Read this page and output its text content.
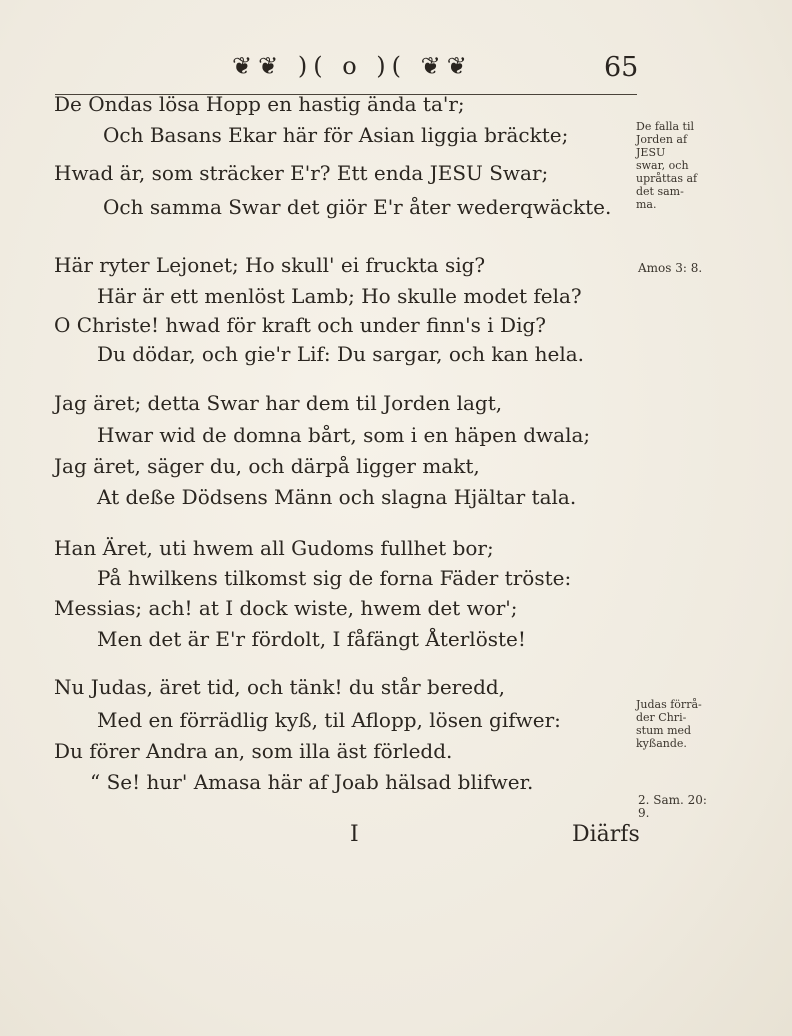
❦❦ )( o )( ❦❦	65
De Ondas lösa Hopp en hastig ända ta'r;
Och Basans Ekar här för Asian liggia bräckte;
Hwad är, som sträcker E'r? Ett enda JESU Swar;
Och samma Swar det giör E'r åter wederqwäckte.
Här ryter Lejonet; Ho skull' ei fruckta sig?
Här är ett menlöst Lamb; Ho skulle modet fela?
O Christe! hwad för kraft och under finn's i Dig?
Du dödar, och gie'r Lif: Du sargar, och kan hela.
Jag äret; detta Swar har dem til Jorden lagt,
Hwar wid de domna bårt, som i en häpen dwala;
Jag äret, säger du, och därpå ligger makt,
At deße Dödsens Männ och slagna Hjältar tala.
Han Äret, uti hwem all Gudoms fullhet bor;
På hwilkens tilkomst sig de forna Fäder tröste:
Messias; ach! at I dock wiste, hwem det wor';
Men det är E'r fördolt, I fåfängt Återlöste!
Nu Judas, äret tid, och tänk! du står beredd,
Med en förrädlig kyß, til Aflopp, lösen gifwer:
Du förer Andra an, som illa äst förledd.
“ Se! hur' Amasa här af Joab hälsad blifwer.
De falla til
Jorden af
JESU
swar, och
upråttas af
det sam-
ma.
Amos 3: 8.
Judas förrå-
der Chri-
stum med
kyßande.
2. Sam. 20:
9.
I	Diärfs
